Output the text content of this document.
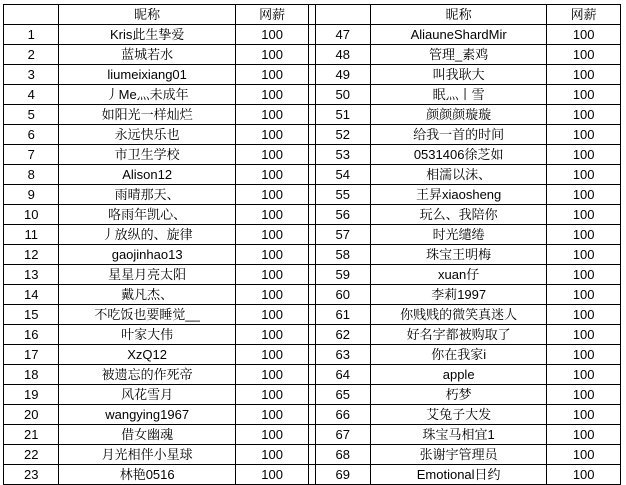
	昵称	网薪			昵称	网薪
1	Kris此生挚爱	100		47	AliauneShardMir	100
2	蓝城若水	100		48	管理_素鸡	100
3	liumeixiang01	100		49	叫我耿大	100
4	丿Me灬未成年	100		50	眠灬丨雪	100
5	如阳光一样灿烂	100		51	颜颜颜璇璇	100
6	永远快乐也	100		52	给我一首的时间	100
7	市卫生学校	100		53	0531406徐芝如	100
8	Alison12	100		54	相濡以沫、	100
9	雨晴那天、	100		55	王昇xiaosheng	100
10	咯雨年凯心、	100		56	玩么、我陪你	100
11	丿放纵的、旋律	100		57	时光缱绻	100
12	gaojinhao13	100		58	珠宝王明梅	100
13	星星月亮太阳	100		59	xuan仔	100
14	戴凡杰、	100		60	李莉1997	100
15	不吃饭也要睡觉__	100		61	你贱贱的微笑真迷人	100
16	叶家大伟	100		62	好名字都被购取了	100
17	XzQ12	100		63	你在我家i	100
18	被遗忘的作死帝	100		64	apple	100
19	风花雪月	100		65	朽梦	100
20	wangying1967	100		66	艾兔子大发	100
21	借女幽魂	100		67	珠宝马相宜1	100
22	月光相伴小星球	100		68	张谢宇管理员	100
23	林艳0516	100		69	Emotional日约	100
